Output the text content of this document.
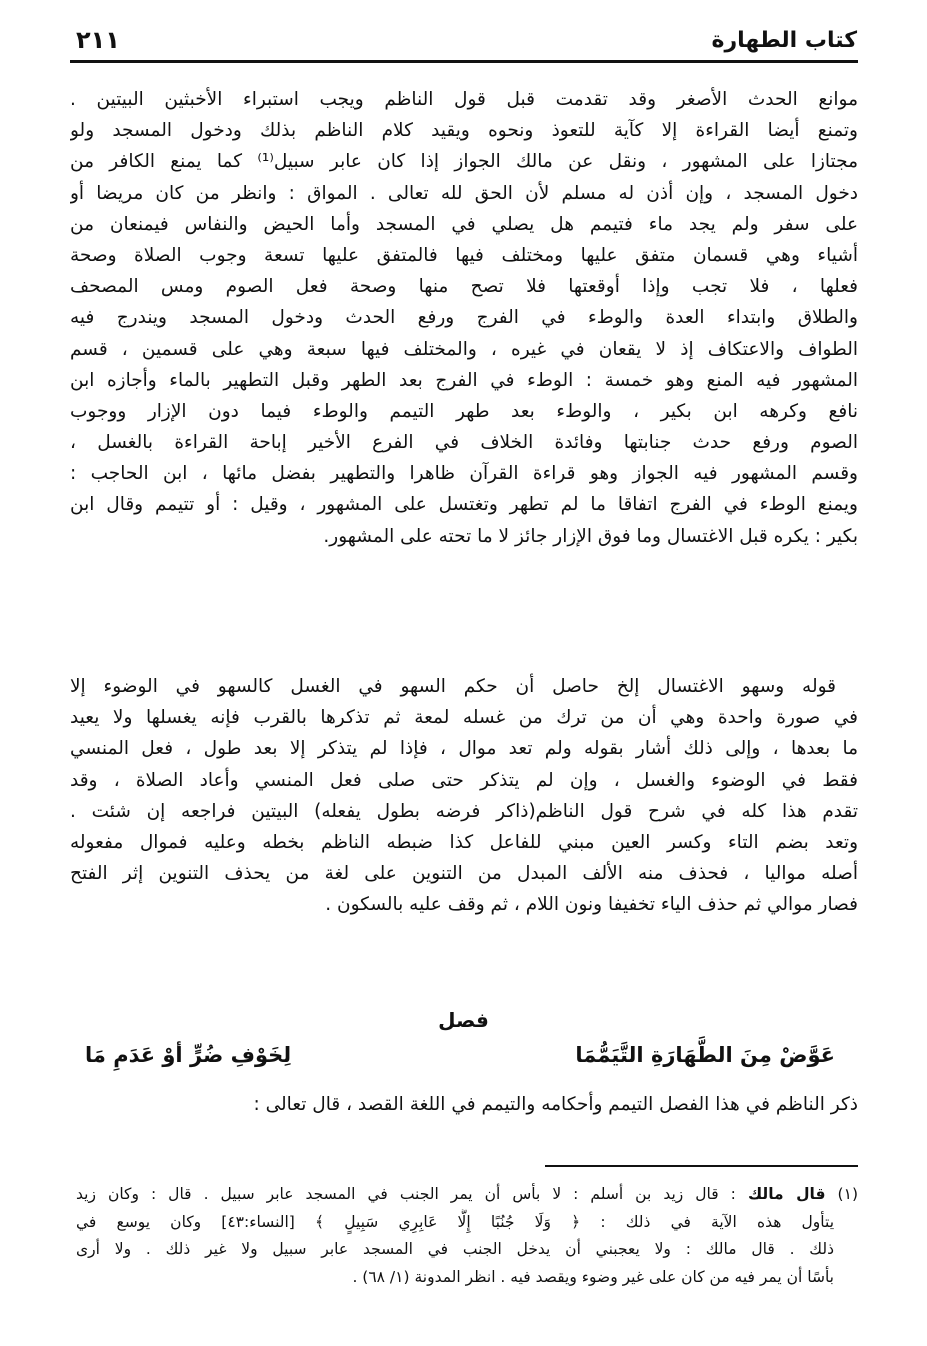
كتاب الطهارة
٢١١
موانع الحدث الأصغر وقد تقدمت قبل قول الناظم ويجب استبراء الأخبثين البيتين .
وتمنع أيضا القراءة إلا كآية للتعوذ ونحوه ويقيد كلام الناظم بذلك ودخول المسجد ولو
مجتازا على المشهور ، ونقل عن مالك الجواز إذا كان عابر سبيل⁽¹⁾ كما يمنع الكافر من
دخول المسجد ، وإن أذن له مسلم لأن الحق لله تعالى . المواق : وانظر من كان مريضا أو
على سفر ولم يجد ماء فتيمم هل يصلي في المسجد وأما الحيض والنفاس فيمنعان من
أشياء وهي قسمان متفق عليها ومختلف فيها فالمتفق عليها تسعة وجوب الصلاة وصحة
فعلها ، فلا تجب وإذا أوقعتها فلا تصح منها وصحة فعل الصوم ومس المصحف
والطلاق وابتداء العدة والوطء في الفرج ورفع الحدث ودخول المسجد ويندرج فيه
الطواف والاعتكاف إذ لا يقعان في غيره ، والمختلف فيها سبعة وهي على قسمين ، قسم
المشهور فيه المنع وهو خمسة : الوطء في الفرج بعد الطهر وقبل التطهير بالماء وأجازه ابن
نافع وكرهه ابن بكير ، والوطء بعد طهر التيمم والوطء فيما دون الإزار ووجوب
الصوم ورفع حدث جنابتها وفائدة الخلاف في الفرع الأخير إباحة القراءة بالغسل ،
وقسم المشهور فيه الجواز وهو قراءة القرآن ظاهرا والتطهير بفضل مائها ، ابن الحاجب :
ويمنع الوطء في الفرج اتفاقا ما لم تطهر وتغتسل على المشهور ، وقيل : أو تتيمم وقال ابن
بكير : يكره قبل الاغتسال وما فوق الإزار جائز لا ما تحته على المشهور.
قوله وسهو الاغتسال إلخ حاصل أن حكم السهو في الغسل كالسهو في الوضوء إلا
في صورة واحدة وهي أن من ترك من غسله لمعة ثم تذكرها بالقرب فإنه يغسلها ولا يعيد
ما بعدها ، وإلى ذلك أشار بقوله ولم تعد موال ، فإذا لم يتذكر إلا بعد طول ، فعل المنسي
فقط في الوضوء والغسل ، وإن لم يتذكر حتى صلى فعل المنسي وأعاد الصلاة ، وقد
تقدم هذا كله في شرح قول الناظم(ذاكر فرضه بطول يفعله) البيتين فراجعه إن شئت .
وتعد بضم التاء وكسر العين مبني للفاعل كذا ضبطه الناظم بخطه وعليه فموال مفعوله
أصله مواليا ، فحذف منه الألف المبدل من التنوين على لغة من يحذف التنوين إثر الفتح
فصار موالي ثم حذف الياء تخفيفا ونون اللام ، ثم وقف عليه بالسكون .
فصل
عَوَّضْ مِنَ الطَّهَارَةِ التَّيَمُّمَا
لِخَوْفِ ضُرٍّ أوْ عَدَمِ مَا
ذكر الناظم في هذا الفصل التيمم وأحكامه والتيمم في اللغة القصد ، قال تعالى :
(١) قال مالك : قال زيد بن أسلم : لا بأس أن يمر الجنب في المسجد عابر سبيل . قال : وكان زيد
يتأول هذه الآية في ذلك : ﴿ وَلَا جُنُبًا إِلَّا عَابِرِي سَبِيلٍ ﴾ [النساء:٤٣] وكان يوسع في
ذلك . قال مالك : ولا يعجبني أن يدخل الجنب في المسجد عابر سبيل ولا غير ذلك . ولا أرى
بأسًا أن يمر فيه من كان على غير وضوء ويقصد فيه . انظر المدونة (١/ ٦٨) .
